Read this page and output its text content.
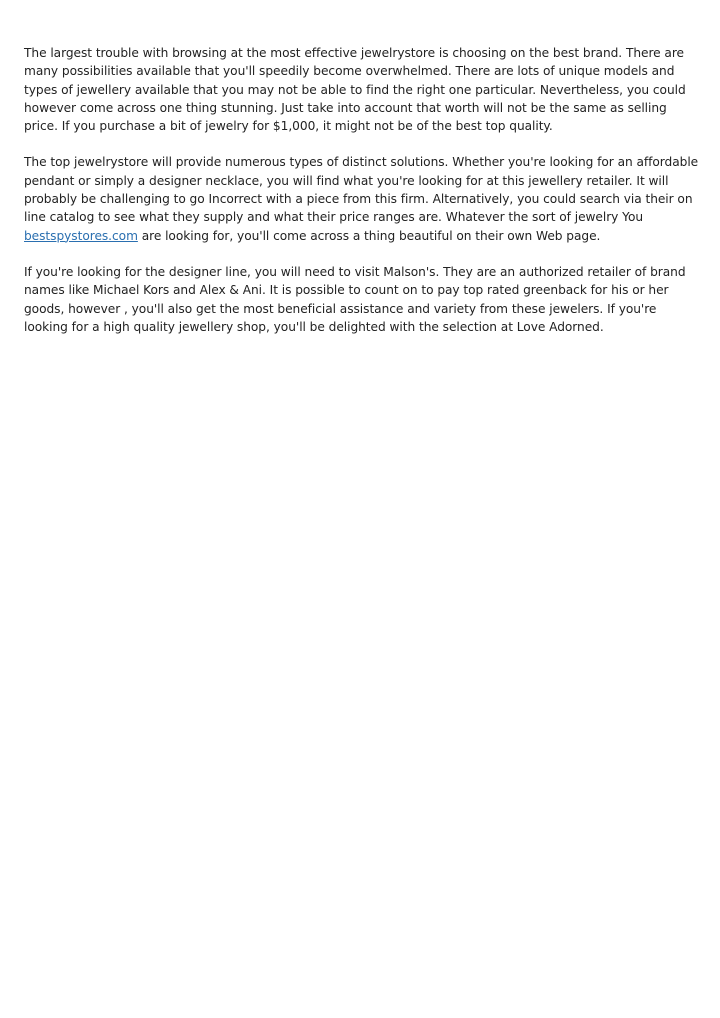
The largest trouble with browsing at the most effective jewelrystore is choosing on the best brand. There are many possibilities available that you'll speedily become overwhelmed. There are lots of unique models and types of jewellery available that you may not be able to find the right one particular. Nevertheless, you could however come across one thing stunning. Just take into account that worth will not be the same as selling price. If you purchase a bit of jewelry for $1,000, it might not be of the best top quality.

The top jewelrystore will provide numerous types of distinct solutions. Whether you're looking for an affordable pendant or simply a designer necklace, you will find what you're looking for at this jewellery retailer. It will probably be challenging to go Incorrect with a piece from this firm. Alternatively, you could search via their on line catalog to see what they supply and what their price ranges are. Whatever the sort of jewelry You bestspystores.com are looking for, you'll come across a thing beautiful on their own Web page.

If you're looking for the designer line, you will need to visit Malson's. They are an authorized retailer of brand names like Michael Kors and Alex & Ani. It is possible to count on to pay top rated greenback for his or her goods, however , you'll also get the most beneficial assistance and variety from these jewelers. If you're looking for a high quality jewellery shop, you'll be delighted with the selection at Love Adorned.
